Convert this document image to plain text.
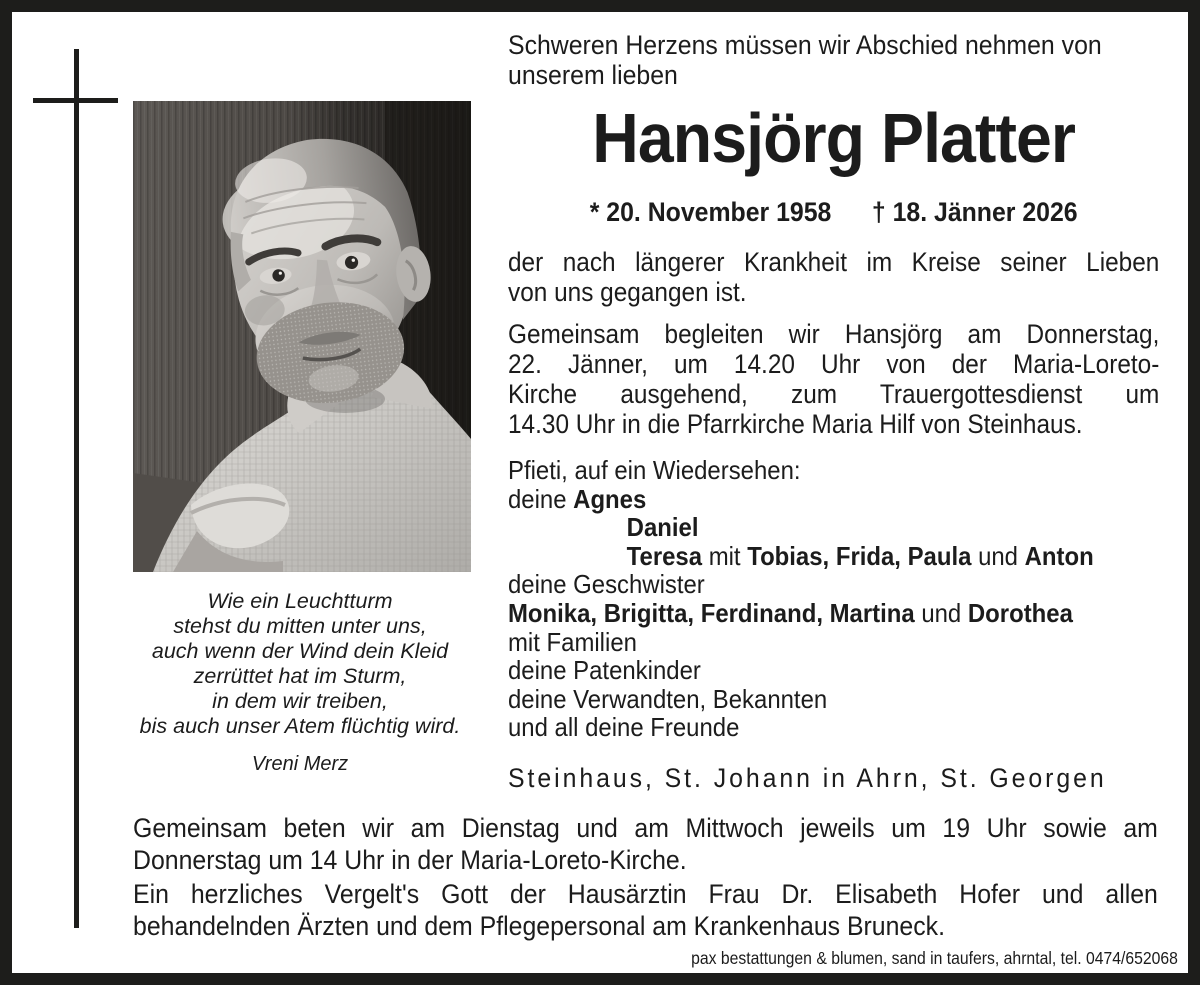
Wie ein Leuchtturm
stehst du mitten unter uns,
auch wenn der Wind dein Kleid
zerrüttet hat im Sturm,
in dem wir treiben,
bis auch unser Atem flüchtig wird.
Vreni Merz
Schweren Herzens müssen wir Abschied nehmen von
unserem lieben
Hansjörg Platter
* 20. November 1958 † 18. Jänner 2026
der nach längerer Krankheit im Kreise seiner Lieben
von uns gegangen ist.
Gemeinsam begleiten wir Hansjörg am Donnerstag,
22. Jänner, um 14.20 Uhr von der Maria-Loreto-
Kirche ausgehend, zum Trauergottesdienst um
14.30 Uhr in die Pfarrkirche Maria Hilf von Steinhaus.
Pfieti, auf ein Wiedersehen:
deine Agnes
Daniel
Teresa mit Tobias, Frida, Paula und Anton
deine Geschwister
Monika, Brigitta, Ferdinand, Martina und Dorothea
mit Familien
deine Patenkinder
deine Verwandten, Bekannten
und all deine Freunde
Steinhaus, St. Johann in Ahrn, St. Georgen
Gemeinsam beten wir am Dienstag und am Mittwoch jeweils um 19 Uhr sowie am
Donnerstag um 14 Uhr in der Maria-Loreto-Kirche.
Ein herzliches Vergelt's Gott der Hausärztin Frau Dr. Elisabeth Hofer und allen
behandelnden Ärzten und dem Pflegepersonal am Krankenhaus Bruneck.
pax bestattungen & blumen, sand in taufers, ahrntal, tel. 0474/652068
